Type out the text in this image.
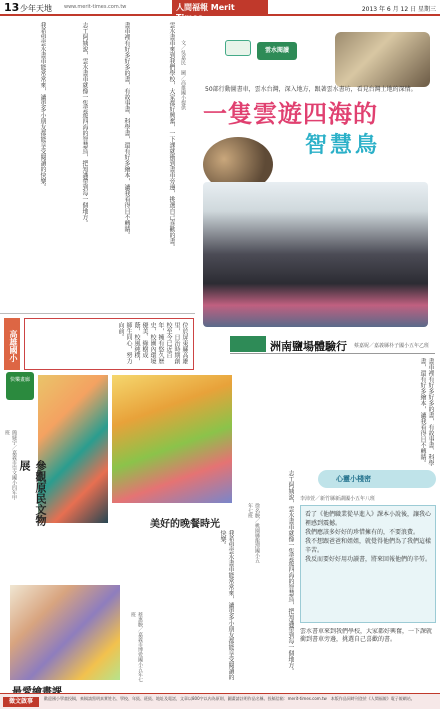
13 少年天地 www.merit-times.com.tw	人間福報 Merit Times
2013 年 6 月 12 日 星期三
文／吳嘉民　圖／高雄國小提供
雲水書車來到我們學校，大家都好興奮，一下課就衝到書車旁邊，挑選自己喜歡的書。
書車裡有好多好多的書，有故事書、科學書，還有好多繪本，讓我看得目不轉睛。
志工阿姨說，雲水書車就像一隻雲遊四海的智慧鳥，把知識帶到每一個地方。
我希望雲水書車能常常來，讓更多小朋友都能享受閱讀的快樂。	雲水閱讀
50部行動圖書車，雲水台灣，深入地方，跟著雲水書坊，看見台灣土地的深情。
一隻雲遊四海的
智慧鳥
高雄國小	位於屏東縣高雄里，日治時期創校至今已近百年，擁有悠久歷史，校園內環境優美、綠樹成蔭，校風純樸，師生同心，努力向前。
洲南鹽場體驗行 蔡嘉妮／嘉義縣朴子國小五年乙班
書車裡有好多好多的書，有故事書、科學書，還有好多繪本，讓我看得目不轉睛。
快樂畫廊
簡婕宇／嘉義市崇文國小四年甲班
參觀原民文物展
美好的晚餐時光	徐名駿／桃園縣龍潭國小五年七班	志工阿姨說，雲水書車就像一隻雲遊四海的智慧鳥，把知識帶到每一個地方。
蔡惠駿／嘉義市博愛國小五年七班	我希望雲水書車能常常來，讓更多小朋友都能享受閱讀的快樂。
心靈小棧密
李沛萱／新竹縣新湖國小五年八班
看了《他們職業從早進入》課本小說後，讓我心裡感到震撼。
我們應該多好好的珍惜擁有的，不要浪費。
我不想跟爸爸和姐姐，就覺得他們為了我們這樣辛苦。
我反而要好好用功讀書，將來回報他們的辛勞。
雲水書車來到我們學校，大家都好興奮，一下課就衝到書車旁邊，挑選自己喜歡的書。
徵文啟事	歡迎國小學童投稿，來稿請寫明真實姓名、學校、年級、班級、地址及電話，文章以800字以內為原則，圖畫請註明作品名稱。投稿信箱：merit-times.com.tw　本版作品同時刊登於《人間福報》電子報網站。
